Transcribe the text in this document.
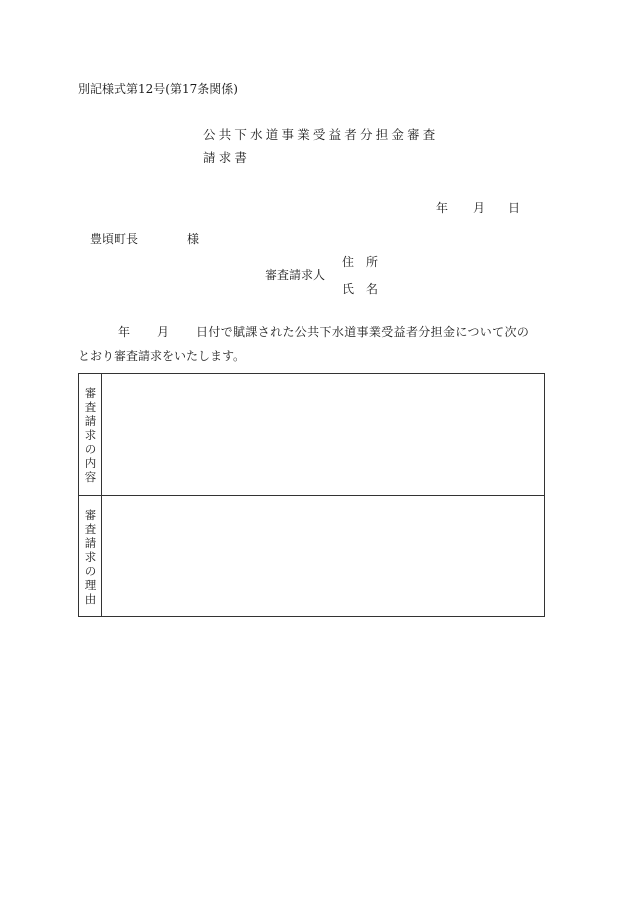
別記様式第12号(第17条関係)
公共下水道事業受益者分担金審査
請求書
年 月 日
豊頃町長	様
住　所
審査請求人
氏　名
年 月 日付で賦課された公共下水道事業受益者分担金について次の
とおり審査請求をいたします。
審
査
請
求
の
内
容
審
査
請
求
の
理
由
